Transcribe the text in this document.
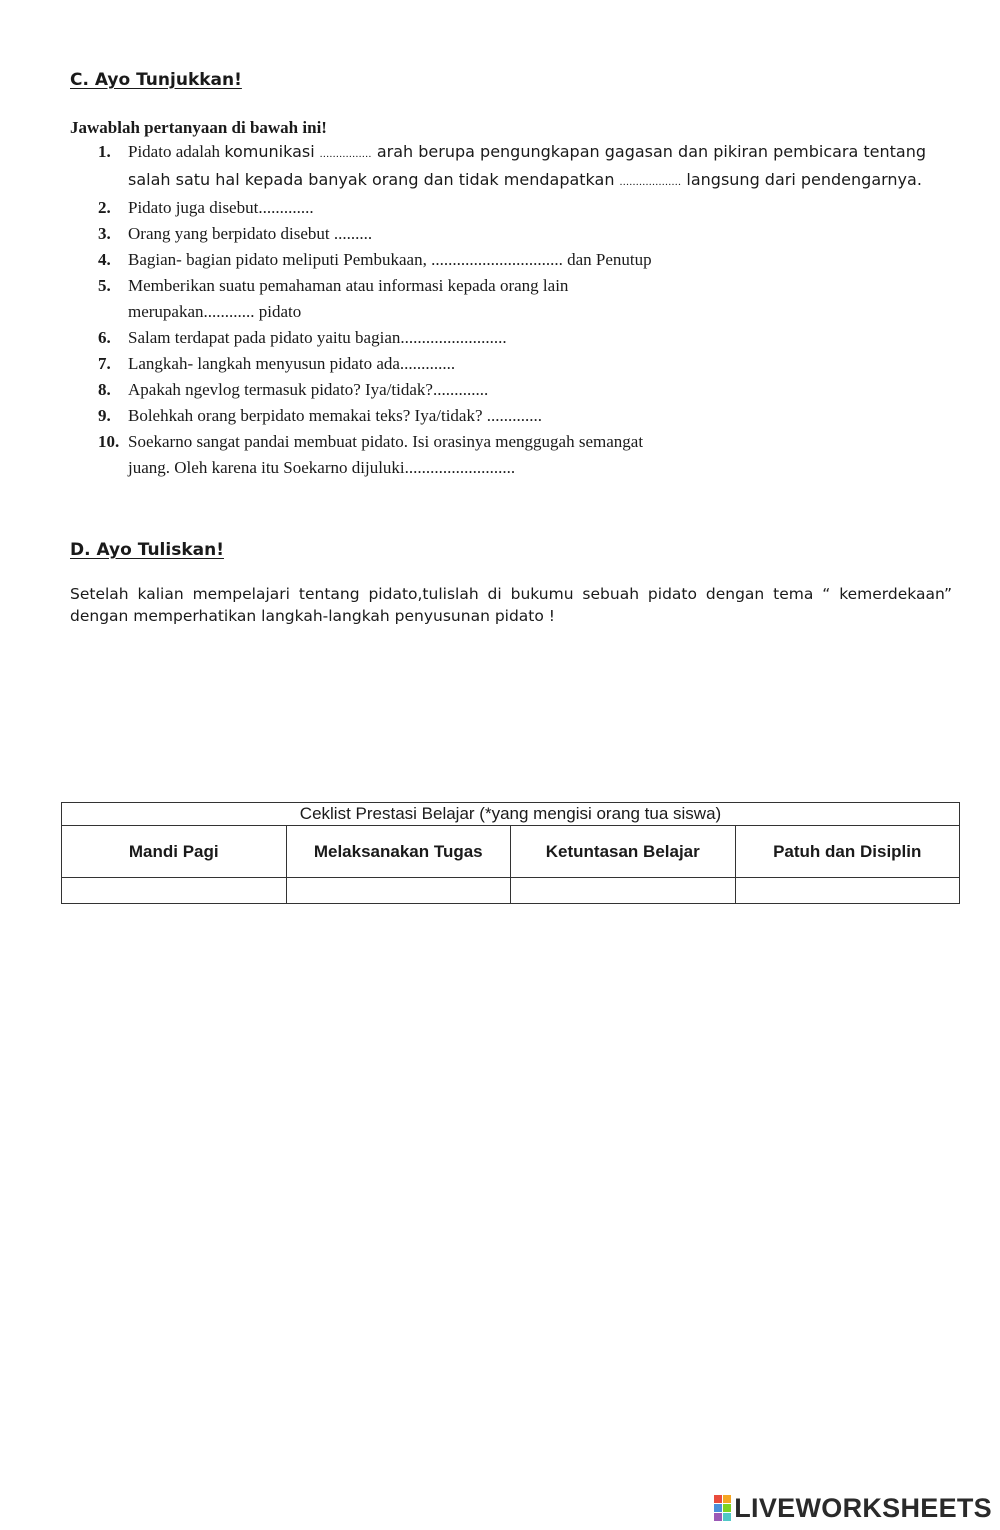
C. Ayo Tunjukkan!

Jawablah pertanyaan di bawah ini!

1. Pidato adalah komunikasi ................ arah berupa pengungkapan gagasan dan pikiran pembicara tentang salah satu hal kepada banyak orang dan tidak mendapatkan ................... langsung dari pendengarnya.
2. Pidato juga disebut.............
3. Orang yang berpidato disebut .........
4. Bagian- bagian pidato meliputi Pembukaan, ............................... dan Penutup
5. Memberikan suatu pemahaman atau informasi kepada orang lain
merupakan............ pidato
6. Salam terdapat pada pidato yaitu bagian.........................
7. Langkah- langkah menyusun pidato ada.............
8. Apakah ngevlog termasuk pidato? Iya/tidak?.............
9. Bolehkah orang berpidato memakai teks? Iya/tidak? .............
10. Soekarno sangat pandai membuat pidato. Isi orasinya menggugah semangat
juang. Oleh karena itu Soekarno dijuluki..........................
D. Ayo Tuliskan!

Setelah kalian mempelajari tentang pidato,tulislah di bukumu sebuah pidato dengan tema “ kemerdekaan” dengan memperhatikan langkah-langkah penyusunan pidato !

Ceklist Prestasi Belajar (*yang mengisi orang tua siswa)			
Mandi Pagi	Melaksanakan Tugas	Ketuntasan Belajar	Patuh dan Disiplin

LIVEWORKSHEETS
